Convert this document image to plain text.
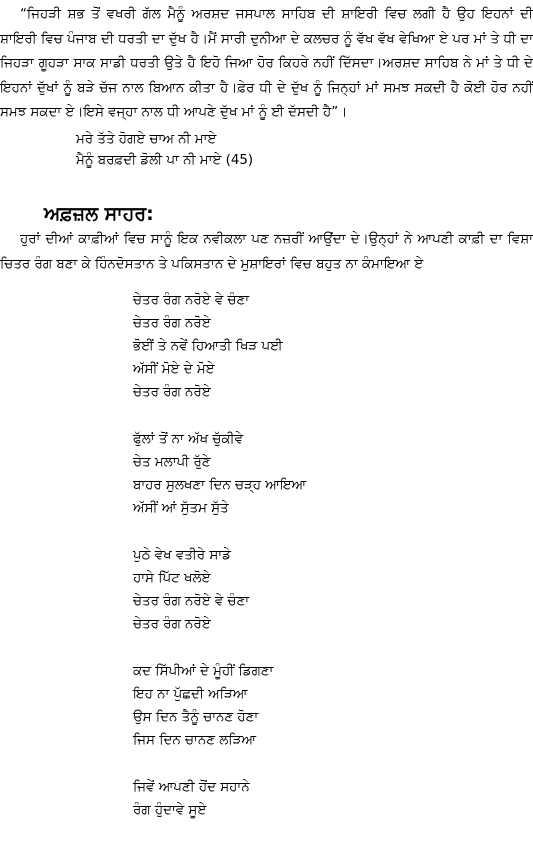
“ਜਿਹੜੀ ਸ਼ਭ ਤੋਂ ਵਖਰੀ ਗੱਲ ਮੈਨੂੰ ਅਰਸ਼ਦ ਜਸਪਾਲ ਸਾਹਿਬ ਦੀ ਸ਼ਾਇਰੀ ਵਿਚ ਲਗੀ ਹੈ ਉਹ ਇਹਨਾਂ ਦੀ ਸ਼ਾਇਰੀ ਵਿਚ ਪੰਜਾਬ ਦੀ ਧਰਤੀ ਦਾ ਦੁੱਖ ਹੈ।ਮੈਂ ਸਾਰੀ ਦੁਨੀਆ ਦੇ ਕਲਚਰ ਨੂੰ ਵੱਖ ਵੱਖ ਵੇਖਿਆ ਏ ਪਰ ਮਾਂ ਤੇ ਧੀ ਦਾ ਜਿਹੜਾ ਗੂਹੜਾ ਸਾਕ ਸਾਡੀ ਧਰਤੀ ਉਤੇ ਹੈ ਇਹੋ ਜਿਆ ਹੋਰ ਕਿਹਰੇ ਨਹੀਂ ਦਿੱਸਦਾ।ਅਰਸ਼ਦ ਸਾਹਿਬ ਨੇ ਮਾਂ ਤੇ ਧੀ ਦੇ ਇਹਨਾਂ ਦੁੱਖਾਂ ਨੂੰ ਬੜੇ ਚੱਜ ਨਾਲ ਬਿਆਨ ਕੀਤਾ ਹੈ।ਫ਼ੇਰ ਧੀ ਦੇ ਦੁੱਖ ਨੂੰ ਜਿਨ੍ਹਾਂ ਮਾਂ ਸਮਝ ਸਕਦੀ ਹੈ ਕੋਈ ਹੋਰ ਨਹੀਂ ਸਮਝ ਸਕਦਾ ਏ।ਇਸੇ ਵਜ੍ਹਾ ਨਾਲ ਧੀ ਆਪਣੇ ਦੁੱਖ ਮਾਂ ਨੂੰ ਈ ਦੱਸਦੀ ਹੈ”।
ਮਰੇ ਤੱਤੇ ਹੋਗਏ ਚਾਅ ਨੀ ਮਾਏ
ਮੈਨੂੰ ਬਰਫ਼ਦੀ ਡੋਲੀ ਪਾ ਨੀ ਮਾਏ (45)
ਅਫ਼ਜ਼ਲ ਸਾਹਰ:
ਹੁਰਾਂ ਦੀਆਂ ਕਾਫ਼ੀਆਂ ਵਿਚ ਸਾਨੂੰ ਇਕ ਨਵੀਕਲਾ ਪਣ ਨਜ਼ਰੀਂ ਆਉਂਦਾ ਦੇ।ਉਨ੍ਹਾਂ ਨੇ ਆਪਣੀ ਕਾਫ਼ੀ ਦਾ ਵਿਸ਼ਾ ਚਿਤਰ ਰੰਗ ਬਣਾ ਕੇ ਹਿੰਨਦੋਸਤਾਨ ਤੇ ਪਕਿਸਤਾਨ ਦੇ ਮੁਸ਼ਾਇਰਾਂ ਵਿਚ ਬਹੁਤ ਨਾ ਕੰਮਾਇਆ ਏ
ਚੇਤਰ ਰੰਗ ਨਰੋਏ ਵੇ ਚੰਣਾ
ਚੇਤਰ ਰੰਗ ਨਰੋਏ
ਭੋਈਂ ਤੇ ਨਵੇਂ ਹਿਆਤੀ ਖਿੜ ਪਈ
ਅੱਸੀਂ ਮੋਏ ਦੇ ਮੋਏ
ਚੇਤਰ ਰੰਗ ਨਰੋਏ
ਫੁੱਲਾਂ ਤੋਂ ਨਾ ਅੱਖ ਚੁੱਕੀਵੇ
ਚੇਤ ਮਲਾਪੀ ਰੁੱਣੇ
ਬਾਹਰ ਸੁਲਖਣਾ ਦਿਨ ਚੜ੍ਹ ਆਇਆ
ਅੱਸੀਂ ਆਂ ਸੁੱਤਮ ਸੁੱਤੇ
ਪੁਠੇ ਵੇਖ ਵਤੀਰੇ ਸਾਡੇ
ਹਾਸੇ ਪਿੱਟ ਖਲੋਏ
ਚੇਤਰ ਰੰਗ ਨਰੋਏ ਵੇ ਚੰਣਾ
ਚੇਤਰ ਰੰਗ ਨਰੋਏ
ਕਦ ਸਿੱਪੀਆਂ ਦੇ ਮੂੰਹੀਂ ਡਿਗਣਾ
ਇਹ ਨਾ ਪੁੱਛਦੀ ਅੜਿਆ
ਉਸ ਦਿਨ ਤੈਨੂੰ ਚਾਨਣ ਹੋਣਾ
ਜਿਸ ਦਿਨ ਚਾਨਣ ਲੜਿਆ
ਜਿਵੇਂ ਆਪਣੀ ਹੋਂਦ ਸਹਾਨੇ
ਰੰਗ ਹੁੰਦਾਵੇ ਸੂਏ
